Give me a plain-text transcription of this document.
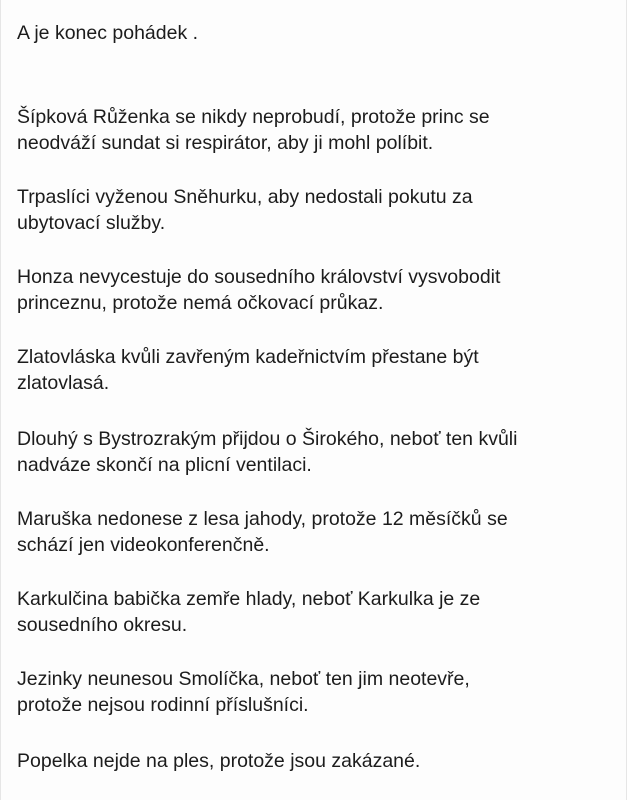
A je konec pohádek .
Šípková Růženka se nikdy neprobudí, protože princ se
neodváží sundat si respirátor, aby ji mohl políbit.
Trpaslíci vyženou Sněhurku, aby nedostali pokutu za
ubytovací služby.
Honza nevycestuje do sousedního království vysvobodit
princeznu, protože nemá očkovací průkaz.
Zlatovláska kvůli zavřeným kadeřnictvím přestane být
zlatovlasá.
Dlouhý s Bystrozrakým přijdou o Širokého, neboť ten kvůli
nadváze skončí na plicní ventilaci.
Maruška nedonese z lesa jahody, protože 12 měsíčků se
schází jen videokonferenčně.
Karkulčina babička zemře hlady, neboť Karkulka je ze
sousedního okresu.
Jezinky neunesou Smolíčka, neboť ten jim neotevře,
protože nejsou rodinní příslušníci.
Popelka nejde na ples, protože jsou zakázané.
